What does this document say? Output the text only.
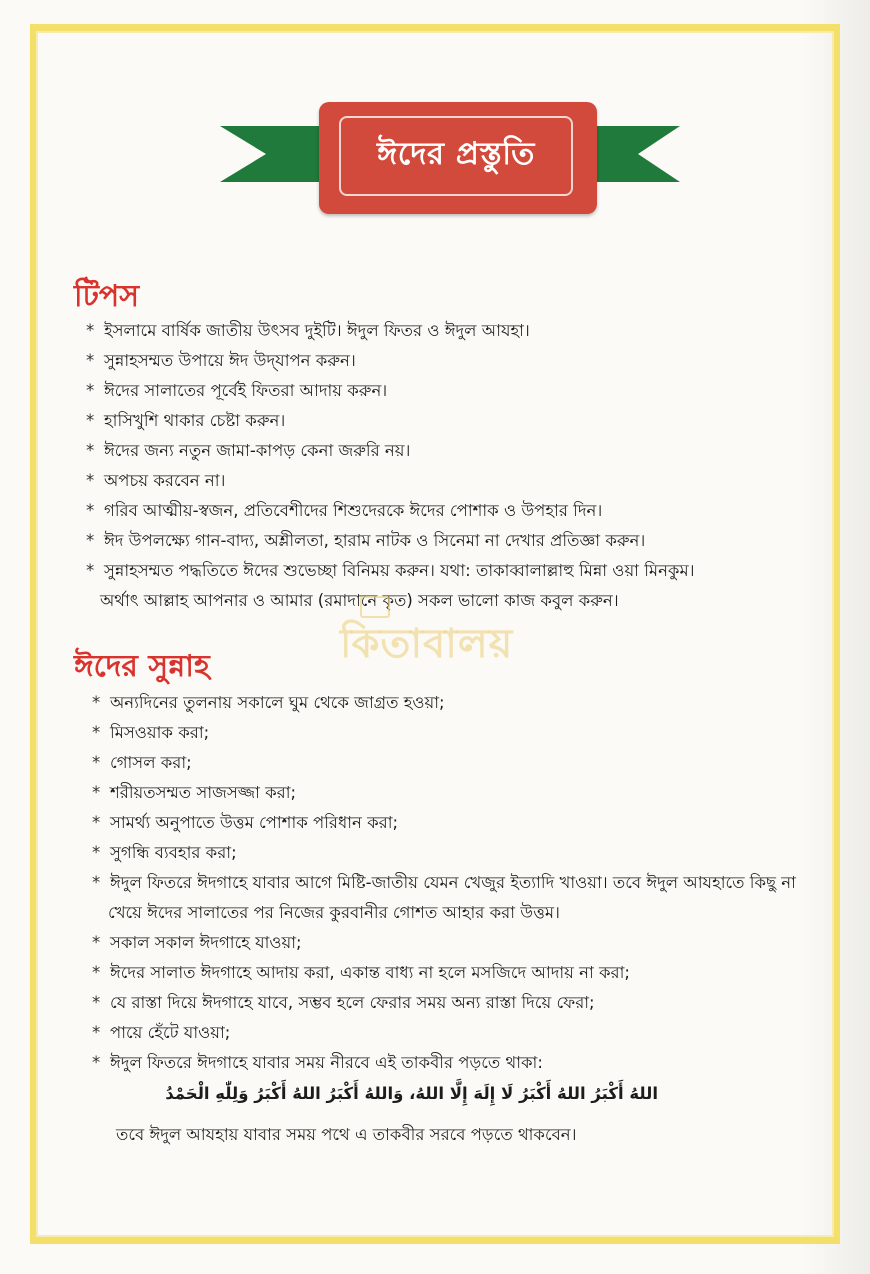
ঈদের প্রস্তুতি
টিপস
* ইসলামে বার্ষিক জাতীয় উৎসব দুইটি। ঈদুল ফিতর ও ঈদুল আযহা।
* সুন্নাহসম্মত উপায়ে ঈদ উদ্‌যাপন করুন।
* ঈদের সালাতের পূর্বেই ফিতরা আদায় করুন।
* হাসিখুশি থাকার চেষ্টা করুন।
* ঈদের জন্য নতুন জামা-কাপড় কেনা জরুরি নয়।
* অপচয় করবেন না।
* গরিব আত্মীয়-স্বজন, প্রতিবেশীদের শিশুদেরকে ঈদের পোশাক ও উপহার দিন।
* ঈদ উপলক্ষ্যে গান-বাদ্য, অশ্লীলতা, হারাম নাটক ও সিনেমা না দেখার প্রতিজ্ঞা করুন।
* সুন্নাহসম্মত পদ্ধতিতে ঈদের শুভেচ্ছা বিনিময় করুন। যথা: তাকাব্বালাল্লাহু মিন্না ওয়া মিনকুম।
অর্থাৎ আল্লাহ আপনার ও আমার (রমাদানে কৃত) সকল ভালো কাজ কবুল করুন।
কিতাবালয়
ঈদের সুন্নাহ
* অন্যদিনের তুলনায় সকালে ঘুম থেকে জাগ্রত হওয়া;
* মিসওয়াক করা;
* গোসল করা;
* শরীয়তসম্মত সাজসজ্জা করা;
* সামর্থ্য অনুপাতে উত্তম পোশাক পরিধান করা;
* সুগন্ধি ব্যবহার করা;
* ঈদুল ফিতরে ঈদগাহে যাবার আগে মিষ্টি-জাতীয় যেমন খেজুর ইত্যাদি খাওয়া। তবে ঈদুল আযহাতে কিছু না
খেয়ে ঈদের সালাতের পর নিজের কুরবানীর গোশত আহার করা উত্তম।
* সকাল সকাল ঈদগাহে যাওয়া;
* ঈদের সালাত ঈদগাহে আদায় করা, একান্ত বাধ্য না হলে মসজিদে আদায় না করা;
* যে রাস্তা দিয়ে ঈদগাহে যাবে, সম্ভব হলে ফেরার সময় অন্য রাস্তা দিয়ে ফেরা;
* পায়ে হেঁটে যাওয়া;
* ঈদুল ফিতরে ঈদগাহে যাবার সময় নীরবে এই তাকবীর পড়তে থাকা:
اللهُ أَكْبَرُ اللهُ أَكْبَرُ لَا إِلَهَ إِلَّا اللهُ، وَاللهُ أَكْبَرُ اللهُ أَكْبَرُ وَلِلّٰهِ الْحَمْدُ
তবে ঈদুল আযহায় যাবার সময় পথে এ তাকবীর সরবে পড়তে থাকবেন।
